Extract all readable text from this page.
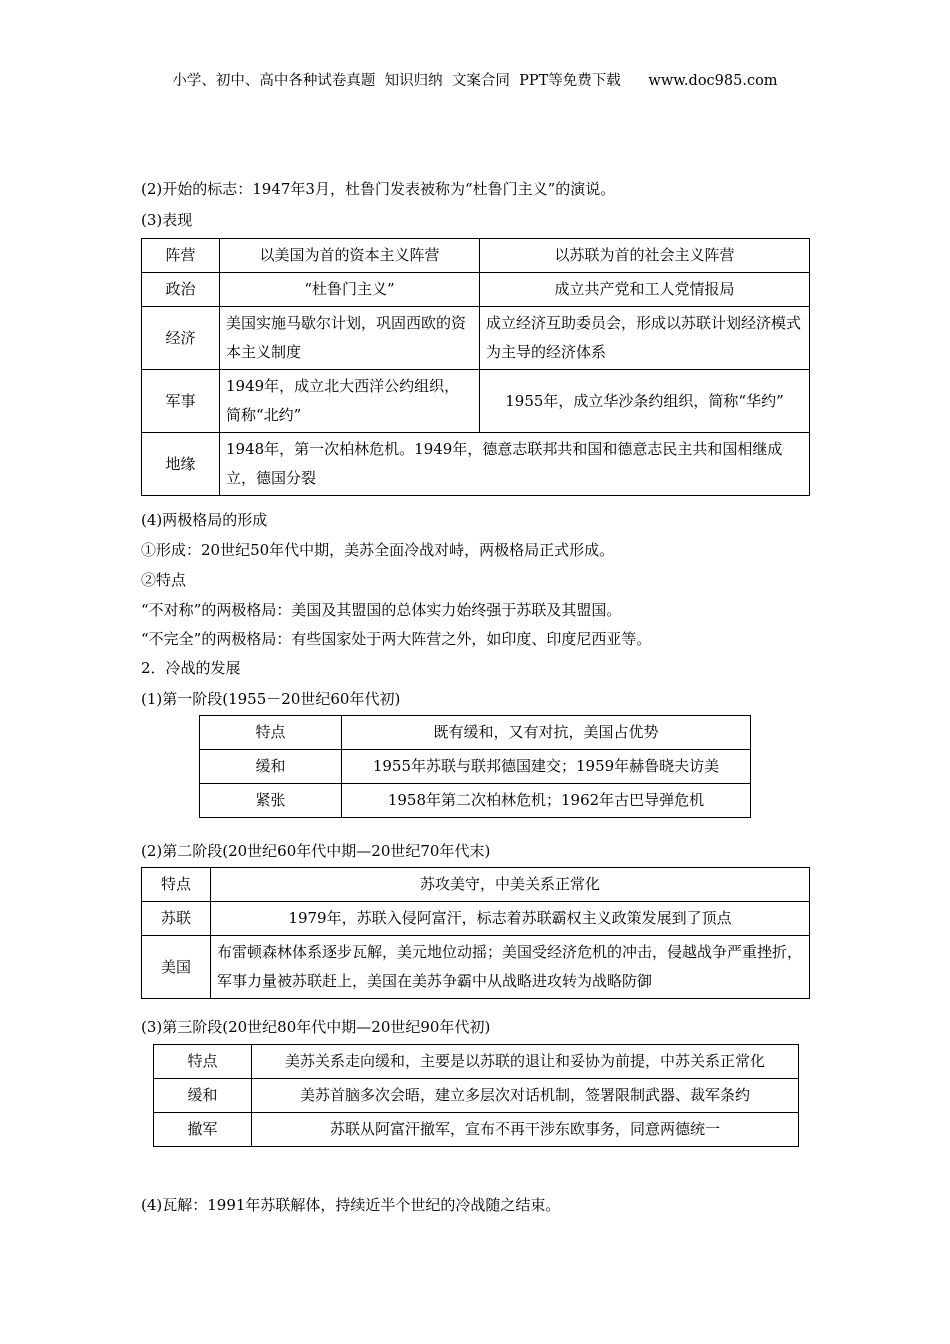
小学、初中、高中各种试卷真题  知识归纳  文案合同  PPT等免费下载      www.doc985.com
(2)开始的标志：1947年3月，杜鲁门发表被称为“杜鲁门主义”的演说。
(3)表现
阵营	以美国为首的资本主义阵营	以苏联为首的社会主义阵营
政治	“杜鲁门主义”	成立共产党和工人党情报局
经济	美国实施马歇尔计划，巩固西欧的资本主义制度	成立经济互助委员会，形成以苏联计划经济模式为主导的经济体系
军事	1949年，成立北大西洋公约组织，简称“北约”	1955年，成立华沙条约组织，简称“华约”
地缘	1948年，第一次柏林危机。1949年，德意志联邦共和国和德意志民主共和国相继成立，德国分裂	
(4)两极格局的形成
①形成：20世纪50年代中期，美苏全面冷战对峙，两极格局正式形成。
②特点
“不对称”的两极格局：美国及其盟国的总体实力始终强于苏联及其盟国。
“不完全”的两极格局：有些国家处于两大阵营之外，如印度、印度尼西亚等。
2．冷战的发展
(1)第一阶段(1955－20世纪60年代初)
特点	既有缓和，又有对抗，美国占优势
缓和	1955年苏联与联邦德国建交；1959年赫鲁晓夫访美
紧张	1958年第二次柏林危机；1962年古巴导弹危机
(2)第二阶段(20世纪60年代中期—20世纪70年代末)
特点	苏攻美守，中美关系正常化
苏联	1979年，苏联入侵阿富汗，标志着苏联霸权主义政策发展到了顶点
美国	布雷顿森林体系逐步瓦解，美元地位动摇；美国受经济危机的冲击，侵越战争严重挫折，军事力量被苏联赶上，美国在美苏争霸中从战略进攻转为战略防御
(3)第三阶段(20世纪80年代中期—20世纪90年代初)
特点	美苏关系走向缓和，主要是以苏联的退让和妥协为前提，中苏关系正常化
缓和	美苏首脑多次会晤，建立多层次对话机制，签署限制武器、裁军条约
撤军	苏联从阿富汗撤军，宣布不再干涉东欧事务，同意两德统一
(4)瓦解：1991年苏联解体，持续近半个世纪的冷战随之结束。
